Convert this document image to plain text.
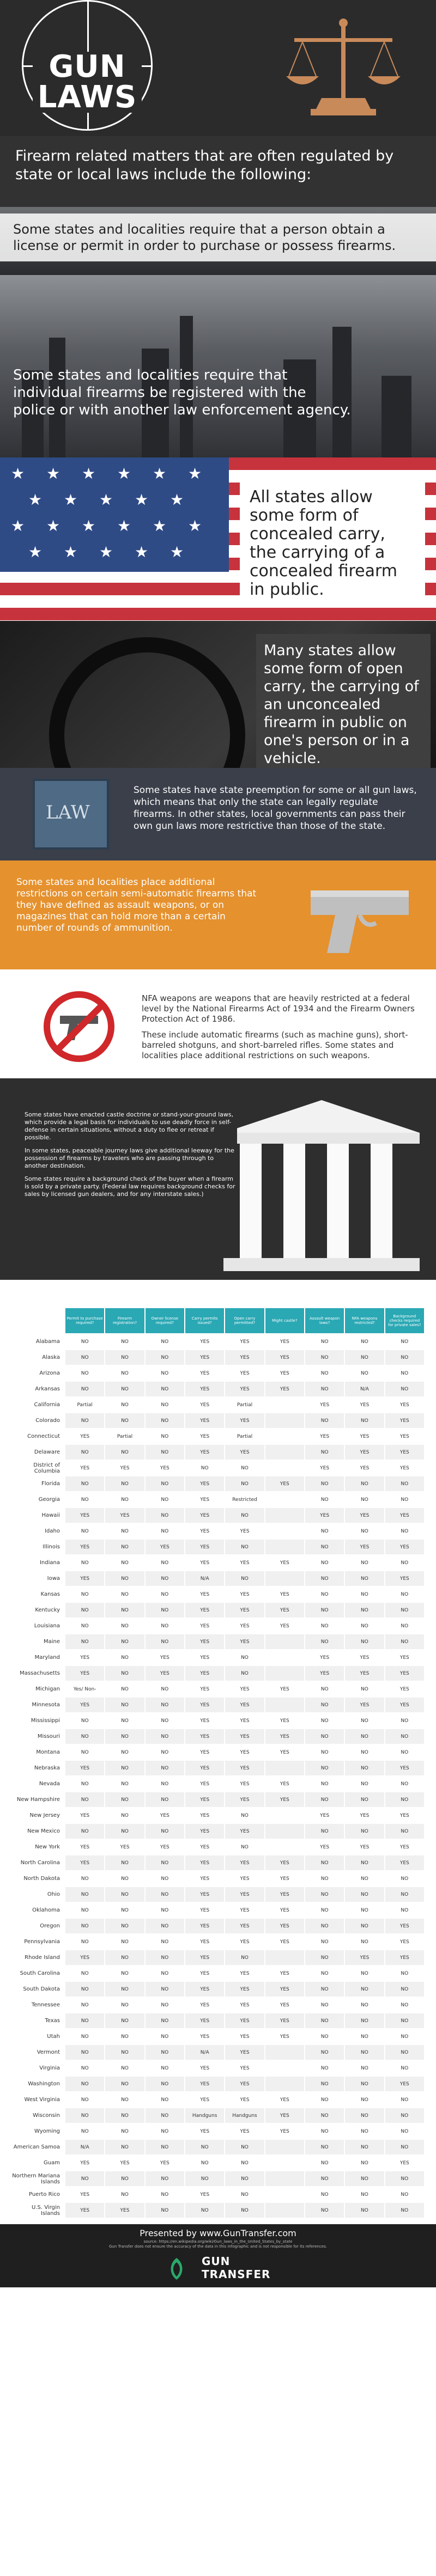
GUN LAWS
Firearm related matters that are often regulated by state or local laws include the following:
Some states and localities require that a person obtain a license or permit in order to purchase or possess firearms.
Some states and localities require that individual firearms be registered with the police or with another law enforcement agency.
★ ★ ★ ★ ★ ★
★ ★ ★ ★ ★
★ ★ ★ ★ ★ ★
★ ★ ★ ★ ★
All states allow some form of concealed carry, the carrying of a concealed firearm in public.
Many states allow some form of open carry, the carrying of an unconcealed firearm in public on one's person or in a vehicle.
LAW
Some states have state preemption for some or all gun laws, which means that only the state can legally regulate firearms. In other states, local governments can pass their own gun laws more restrictive than those of the state.
Some states and localities place additional restrictions on certain semi-automatic firearms that they have defined as assault weapons, or on magazines that can hold more than a certain number of rounds of ammunition.

NFA weapons are weapons that are heavily restricted at a federal level by the National Firearms Act of 1934 and the Firearm Owners Protection Act of 1986.

These include automatic firearms (such as machine guns), short-barreled shotguns, and short-barreled rifles. Some states and localities place additional restrictions on such weapons.

Some states have enacted castle doctrine or stand-your-ground laws, which provide a legal basis for individuals to use deadly force in self-defense in certain situations, without a duty to flee or retreat if possible.

In some states, peaceable journey laws give additional leeway for the possession of firearms by travelers who are passing through to another destination.

Some states require a background check of the buyer when a firearm is sold by a private party. (Federal law requires background checks for sales by licensed gun dealers, and for any interstate sales.)

	Permit to purchase required?	Firearm registration?	Owner license required?	Carry permits issued?	Open carry permitted?	Might castle?	Assault weapon laws?	NFA weapons restricted?	Background checks required for private sales?
Alabama	NO	NO	NO	YES	YES	YES	NO	NO	NO
Alaska	NO	NO	NO	YES	YES	YES	NO	NO	NO
Arizona	NO	NO	NO	YES	YES	YES	NO	NO	NO
Arkansas	NO	NO	NO	YES	YES	YES	NO	N/A	NO
California	Partial	NO	NO	YES	Partial		YES	YES	YES
Colorado	NO	NO	NO	YES	YES		NO	NO	YES
Connecticut	YES	Partial	NO	YES	Partial		YES	YES	YES
Delaware	NO	NO	NO	YES	YES		NO	YES	YES
District of Columbia	YES	YES	YES	NO	NO		YES	YES	YES
Florida	NO	NO	NO	YES	NO	YES	NO	NO	NO
Georgia	NO	NO	NO	YES	Restricted		NO	NO	NO
Hawaii	YES	YES	NO	YES	NO		YES	YES	YES
Idaho	NO	NO	NO	YES	YES		NO	NO	NO
Illinois	YES	NO	YES	YES	NO		NO	YES	YES
Indiana	NO	NO	NO	YES	YES	YES	NO	NO	NO
Iowa	YES	NO	NO	N/A	NO		NO	NO	YES
Kansas	NO	NO	NO	YES	YES	YES	NO	NO	NO
Kentucky	NO	NO	NO	YES	YES	YES	NO	NO	NO
Louisiana	NO	NO	NO	YES	YES	YES	NO	NO	NO
Maine	NO	NO	NO	YES	YES		NO	NO	NO
Maryland	YES	NO	YES	YES	NO		YES	YES	YES
Massachusetts	YES	NO	YES	YES	NO		YES	YES	YES
Michigan	Yes/ Non-	NO	NO	YES	YES	YES	NO	NO	YES
Minnesota	YES	NO	NO	YES	YES		NO	YES	YES
Mississippi	NO	NO	NO	YES	YES	YES	NO	NO	NO
Missouri	NO	NO	NO	YES	YES	YES	NO	NO	NO
Montana	NO	NO	NO	YES	YES	YES	NO	NO	NO
Nebraska	YES	NO	NO	YES	YES		NO	NO	YES
Nevada	NO	NO	NO	YES	YES	YES	NO	NO	NO
New Hampshire	NO	NO	NO	YES	YES	YES	NO	NO	NO
New Jersey	YES	NO	YES	YES	NO		YES	YES	YES
New Mexico	NO	NO	NO	YES	YES		NO	NO	NO
New York	YES	YES	YES	YES	NO		YES	YES	YES
North Carolina	YES	NO	NO	YES	YES	YES	NO	NO	YES
North Dakota	NO	NO	NO	YES	YES	YES	NO	NO	NO
Ohio	NO	NO	NO	YES	YES	YES	NO	NO	NO
Oklahoma	NO	NO	NO	YES	YES	YES	NO	NO	NO
Oregon	NO	NO	NO	YES	YES	YES	NO	NO	YES
Pennsylvania	NO	NO	NO	YES	YES	YES	NO	NO	YES
Rhode Island	YES	NO	NO	YES	NO		NO	YES	YES
South Carolina	NO	NO	NO	YES	YES	YES	NO	NO	NO
South Dakota	NO	NO	NO	YES	YES	YES	NO	NO	NO
Tennessee	NO	NO	NO	YES	YES	YES	NO	NO	NO
Texas	NO	NO	NO	YES	YES	YES	NO	NO	NO
Utah	NO	NO	NO	YES	YES	YES	NO	NO	NO
Vermont	NO	NO	NO	N/A	YES		NO	NO	NO
Virginia	NO	NO	NO	YES	YES		NO	NO	NO
Washington	NO	NO	NO	YES	YES		NO	NO	YES
West Virginia	NO	NO	NO	YES	YES	YES	NO	NO	NO
Wisconsin	NO	NO	NO	Handguns	Handguns	YES	NO	NO	NO
Wyoming	NO	NO	NO	YES	YES	YES	NO	NO	NO
American Samoa	N/A	NO	NO	NO	NO		NO	NO	NO
Guam	YES	YES	YES	NO	NO		NO	NO	YES
Northern Mariana Islands	NO	NO	NO	NO	NO		NO	NO	NO
Puerto Rico	YES	NO	NO	YES	NO		NO	NO	NO
U.S. Virgin Islands	YES	YES	NO	NO	NO		NO	NO	NO
Presented by www.GunTransfer.com
source: https://en.wikipedia.org/wiki/Gun_laws_in_the_United_States_by_state
Gun Transfer does not ensure the accuracy of the data in this infographic and is not responsible for its references.
GUN
TRANSFER
